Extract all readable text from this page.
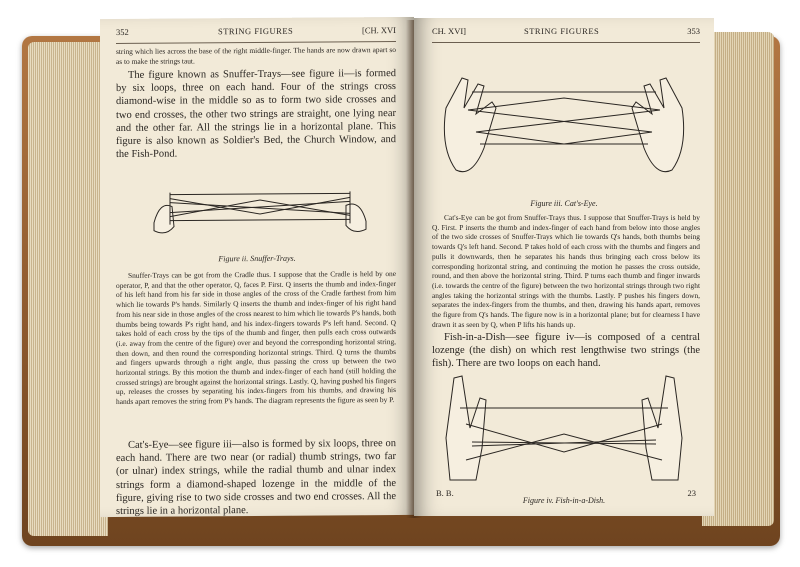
352	STRING FIGURES	[CH. XVI
string which lies across the base of the right middle-finger. The hands are now drawn apart so as to make the strings taut.
The figure known as Snuffer-Trays—see figure ii—is formed by six loops, three on each hand. Four of the strings cross diamond-wise in the middle so as to form two side crosses and two end crosses, the other two strings are straight, one lying near and the other far. All the strings lie in a horizontal plane. This figure is also known as Soldier's Bed, the Church Window, and the Fish-Pond.
Figure ii. Snuffer-Trays.
Snuffer-Trays can be got from the Cradle thus. I suppose that the Cradle is held by one operator, P, and that the other operator, Q, faces P. First. Q inserts the thumb and index-finger of his left hand from his far side in those angles of the cross of the Cradle farthest from him which lie towards P's hands. Similarly Q inserts the thumb and index-finger of his right hand from his near side in those angles of the cross nearest to him which lie towards P's hands, both thumbs being towards P's right hand, and his index-fingers towards P's left hand. Second. Q takes hold of each cross by the tips of the thumb and finger, then pulls each cross outwards (i.e. away from the centre of the figure) over and beyond the corresponding horizontal string, then down, and then round the corresponding horizontal strings. Third. Q turns the thumbs and fingers upwards through a right angle, thus passing the cross up between the two horizontal strings. By this motion the thumb and index-finger of each hand (still holding the crossed strings) are brought against the horizontal strings. Lastly. Q, having pushed his fingers up, releases the crosses by separating his index-fingers from his thumbs, and drawing his hands apart removes the string from P's hands. The diagram represents the figure as seen by P.
Cat's-Eye—see figure iii—also is formed by six loops, three on each hand. There are two near (or radial) thumb strings, two far (or ulnar) index strings, while the radial thumb and ulnar index strings form a diamond-shaped lozenge in the middle of the figure, giving rise to two side crosses and two end crosses. All the strings lie in a horizontal plane.
CH. XVI]	STRING FIGURES	353
Figure iii. Cat's-Eye.
Cat's-Eye can be got from Snuffer-Trays thus. I suppose that Snuffer-Trays is held by Q. First. P inserts the thumb and index-finger of each hand from below into those angles of the two side crosses of Snuffer-Trays which lie towards Q's hands, both thumbs being towards Q's left hand. Second. P takes hold of each cross with the thumbs and fingers and pulls it downwards, then he separates his hands thus bringing each cross below its corresponding horizontal string, and continuing the motion he passes the cross outside, round, and then above the horizontal string. Third. P turns each thumb and finger inwards (i.e. towards the centre of the figure) between the two horizontal strings through two right angles taking the horizontal strings with the thumbs. Lastly. P pushes his fingers down, separates the index-fingers from the thumbs, and then, drawing his hands apart, removes the figure from Q's hands. The figure now is in a horizontal plane; but for clearness I have drawn it as seen by Q, when P lifts his hands up.
Fish-in-a-Dish—see figure iv—is composed of a central lozenge (the dish) on which rest lengthwise two strings (the fish). There are two loops on each hand.
Figure iv. Fish-in-a-Dish.
B. B.	23
